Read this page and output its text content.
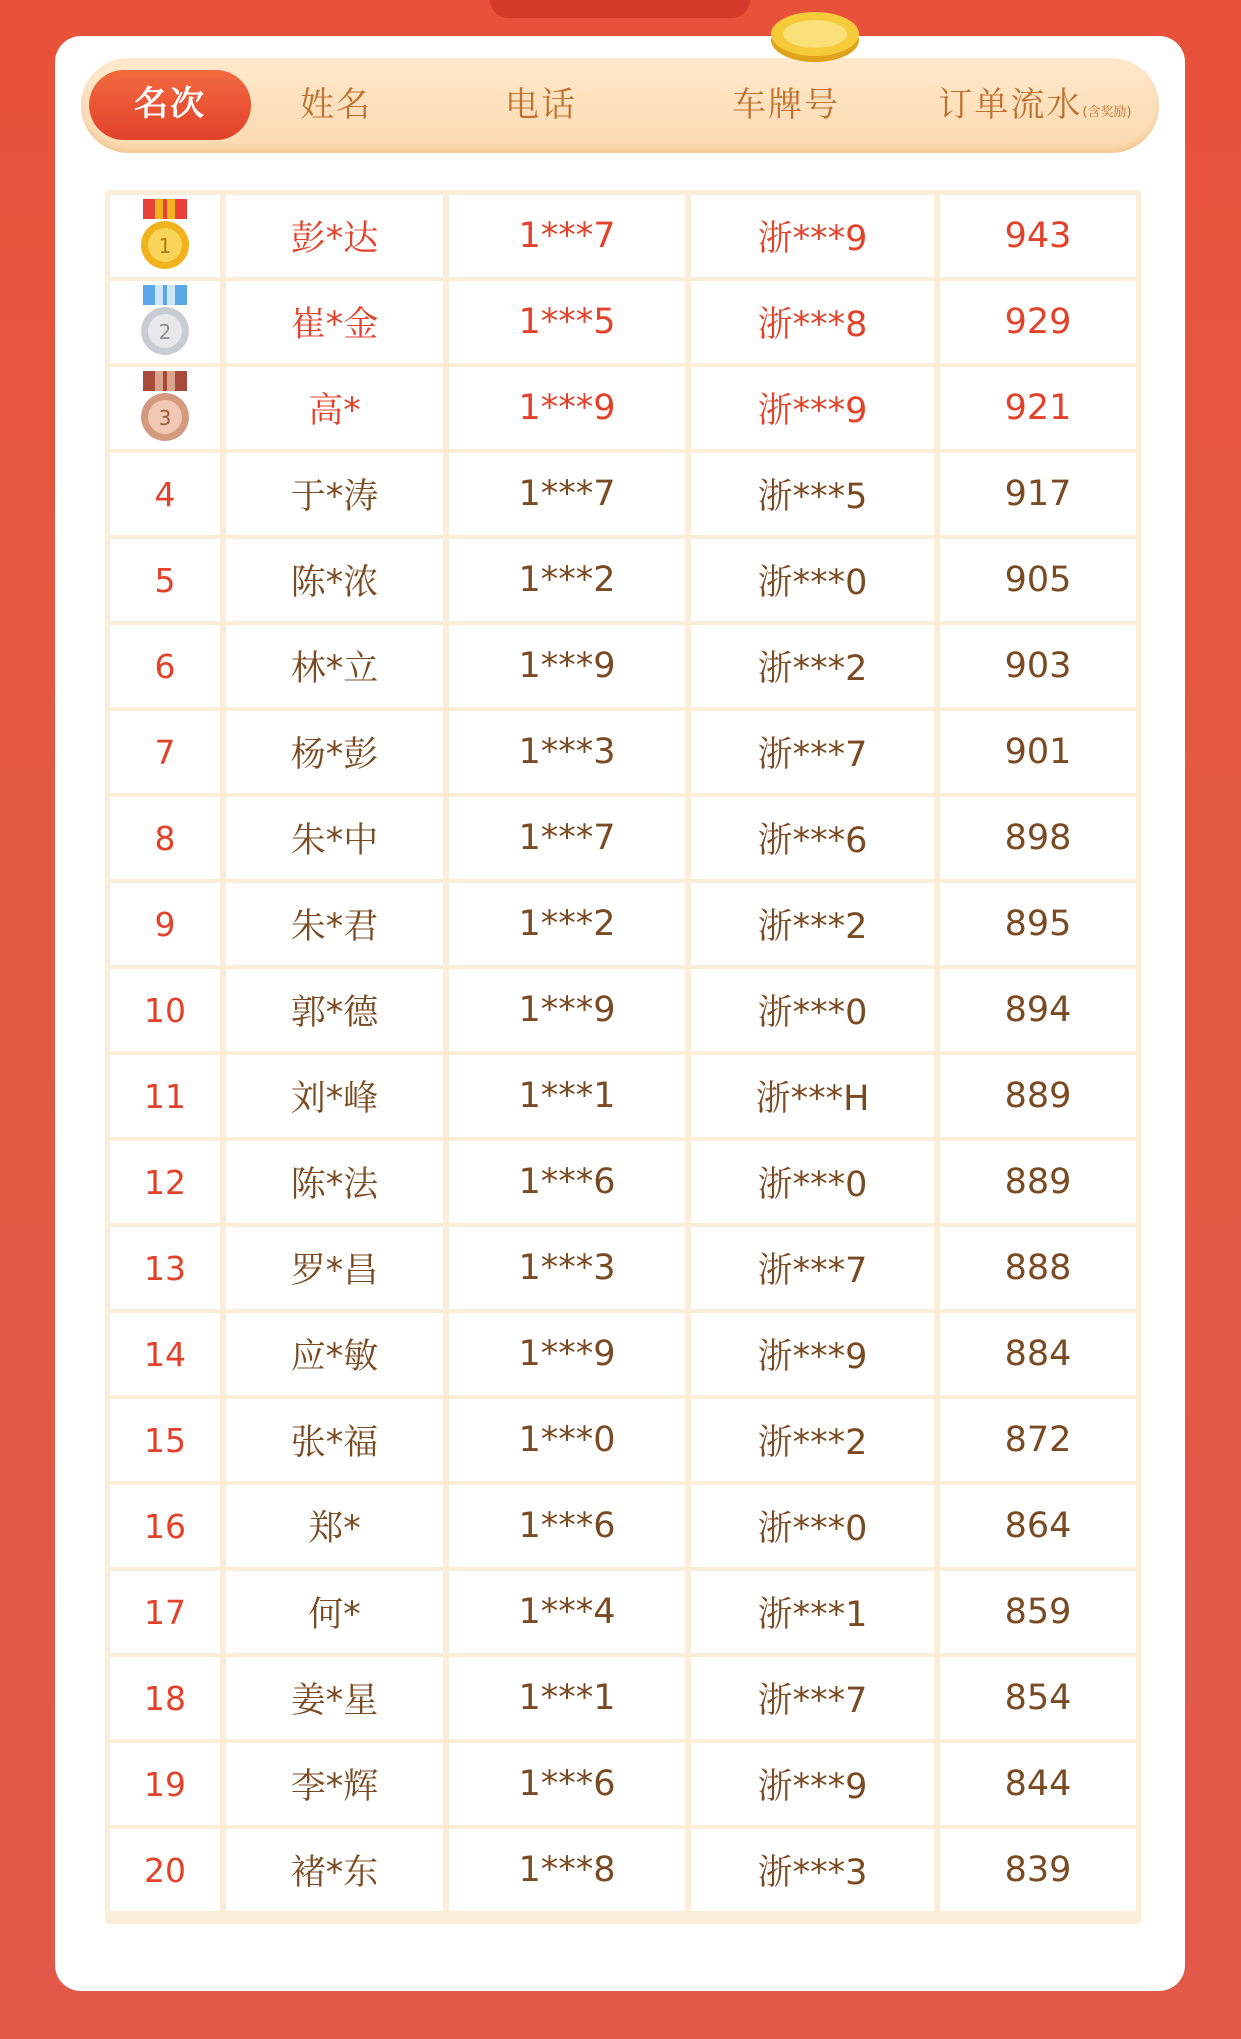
名次	姓名	电话	车牌号	订单流水(含奖励)
1	彭*达	1***7	浙***9	943
2	崔*金	1***5	浙***8	929
3	高*	1***9	浙***9	921
4	于*涛	1***7	浙***5	917
5	陈*浓	1***2	浙***0	905
6	林*立	1***9	浙***2	903
7	杨*彭	1***3	浙***7	901
8	朱*中	1***7	浙***6	898
9	朱*君	1***2	浙***2	895
10	郭*德	1***9	浙***0	894
11	刘*峰	1***1	浙***H	889
12	陈*法	1***6	浙***0	889
13	罗*昌	1***3	浙***7	888
14	应*敏	1***9	浙***9	884
15	张*福	1***0	浙***2	872
16	郑*	1***6	浙***0	864
17	何*	1***4	浙***1	859
18	姜*星	1***1	浙***7	854
19	李*辉	1***6	浙***9	844
20	褚*东	1***8	浙***3	839
